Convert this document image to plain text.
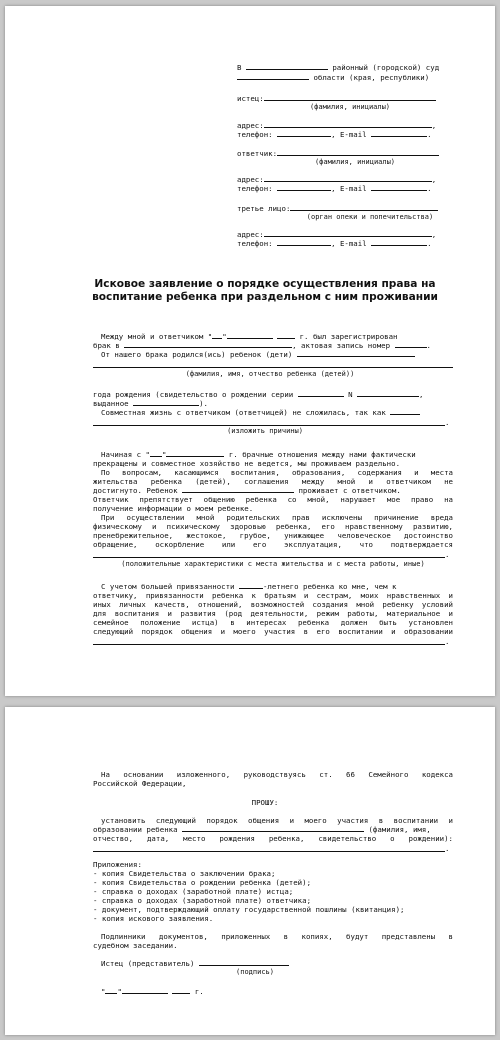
В	районный (городской) суд
области (края, республики)
истец:
(фамилия, инициалы)
адрес:	,
телефон:	, E-mail	.
ответчик:
(фамилия, инициалы)
адрес:	,
телефон:	, E-mail	.
третье лицо:
(орган опеки и попечительства)
адрес:	,
телефон:	, E-mail	.
Исковое заявление о порядке осуществления права на
воспитание ребенка при раздельном с ним проживании
Между мной и ответчиком " "	г. был зарегистрирован
брак в	, актовая запись номер	.
От нашего брака родился(ись) ребенок (дети)
(фамилия, имя, отчество ребенка (детей))
года рождения (свидетельство о рождении серии	N	,
выданное	).
Совместная жизнь с ответчиком (ответчицей) не сложилась, так как
.
(изложить причины)
Начиная с " "	г. брачные отношения между нами фактически
прекращены и совместное хозяйство не ведется, мы проживаем раздельно.
По вопросам, касающимся воспитания, образования, содержания и места
жительства ребенка (детей), соглашения между мной и ответчиком не
достигнуто. Ребенок	проживает с ответчиком.
Ответчик препятствует общению ребенка со мной, нарушает мое право на
получение информации о моем ребенке.
При осуществлении мной родительских прав исключены причинение вреда
физическому и психическому здоровью ребенка, его нравственному развитию,
пренебрежительное, жестокое, грубое, унижающее человеческое достоинство
обращение, оскорбление или его эксплуатация, что подтверждается
.
(положительные характеристики с места жительства и с места работы, иные)
С учетом большей привязанности	-летнего ребенка ко мне, чем к
ответчику, привязанности ребенка к братьям и сестрам, моих нравственных и
иных личных качеств, отношений, возможностей создания мной ребенку условий
для воспитания и развития (род деятельности, режим работы, материальное и
семейное положение истца) в интересах ребенка должен быть установлен
следующий порядок общения и моего участия в его воспитании и образовании
.
На основании изложенного, руководствуясь ст. 66 Семейного кодекса
Российской Федерации,
ПРОШУ:
установить следующий порядок общения и моего участия в воспитании и
образовании ребенка	(фамилия, имя,
отчество, дата, место рождения ребенка, свидетельство о рождении):
.
Приложения:
- копия Свидетельства о заключении брака;
- копия Свидетельства о рождении ребенка (детей);
- справка о доходах (заработной плате) истца;
- справка о доходах (заработной плате) ответчика;
- документ, подтверждающий оплату государственной пошлины (квитанция);
- копия искового заявления.
Подлинники документов, приложенных в копиях, будут представлены в
судебном заседании.
Истец (представитель)
(подпись)
" "	г.
